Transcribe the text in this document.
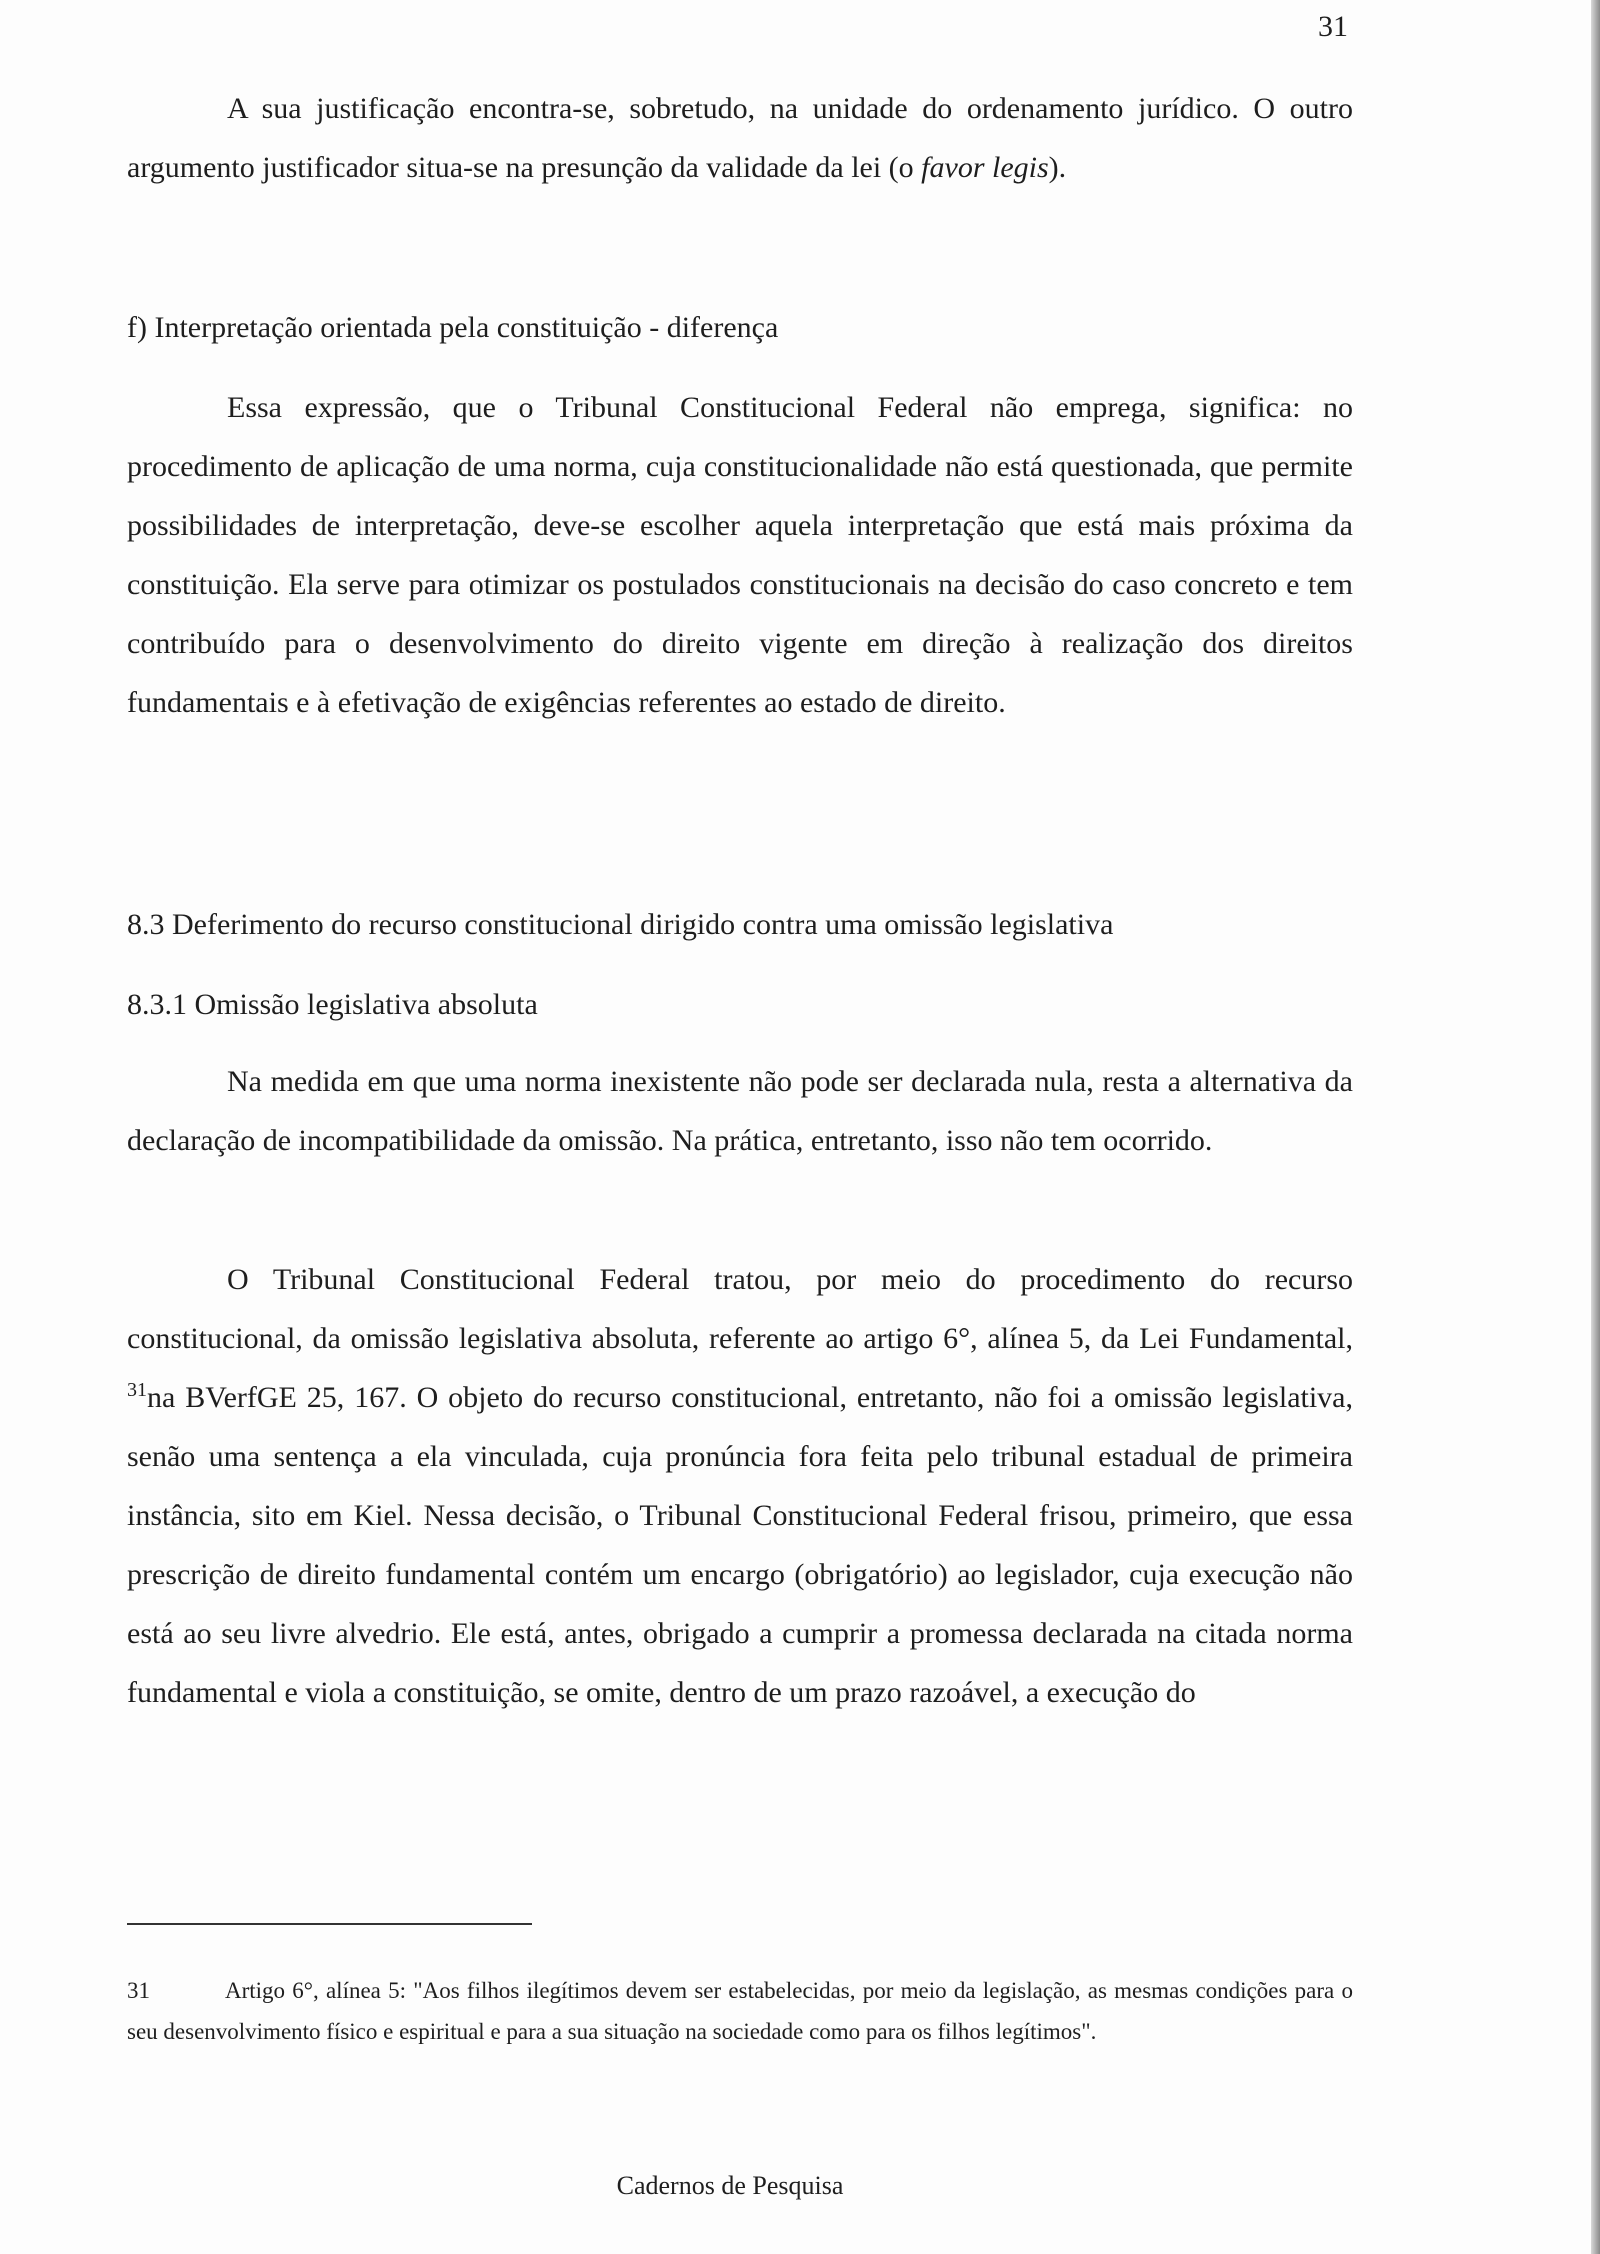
31
A sua justificação encontra-se, sobretudo, na unidade do ordenamento jurídico. O outro argumento justificador situa-se na presunção da validade da lei (o favor legis).
f) Interpretação orientada pela constituição - diferença
Essa expressão, que o Tribunal Constitucional Federal não emprega, significa: no procedimento de aplicação de uma norma, cuja constitucionalidade não está questionada, que permite possibilidades de interpretação, deve-se escolher aquela interpretação que está mais próxima da constituição. Ela serve para otimizar os postulados constitucionais na decisão do caso concreto e tem contribuído para o desenvolvimento do direito vigente em direção à realização dos direitos fundamentais e à efetivação de exigências referentes ao estado de direito.
8.3 Deferimento do recurso constitucional dirigido contra uma omissão legislativa
8.3.1 Omissão legislativa absoluta
Na medida em que uma norma inexistente não pode ser declarada nula, resta a alternativa da declaração de incompatibilidade da omissão. Na prática, entretanto, isso não tem ocorrido.
O Tribunal Constitucional Federal tratou, por meio do procedimento do recurso constitucional, da omissão legislativa absoluta, referente ao artigo 6°, alínea 5, da Lei Fundamental, $^{31}$na BVerfGE 25, 167. O objeto do recurso constitucional, entretanto, não foi a omissão legislativa, senão uma sentença a ela vinculada, cuja pronúncia fora feita pelo tribunal estadual de primeira instância, sito em Kiel. Nessa decisão, o Tribunal Constitucional Federal frisou, primeiro, que essa prescrição de direito fundamental contém um encargo (obrigatório) ao legislador, cuja execução não está ao seu livre alvedrio. Ele está, antes, obrigado a cumprir a promessa declarada na citada norma fundamental e viola a constituição, se omite, dentro de um prazo razoável, a execução do
31	Artigo 6°, alínea 5: "Aos filhos ilegítimos devem ser estabelecidas, por meio da legislação, as mesmas condições para o seu desenvolvimento físico e espiritual e para a sua situação na sociedade como para os filhos legítimos".
Cadernos de Pesquisa
